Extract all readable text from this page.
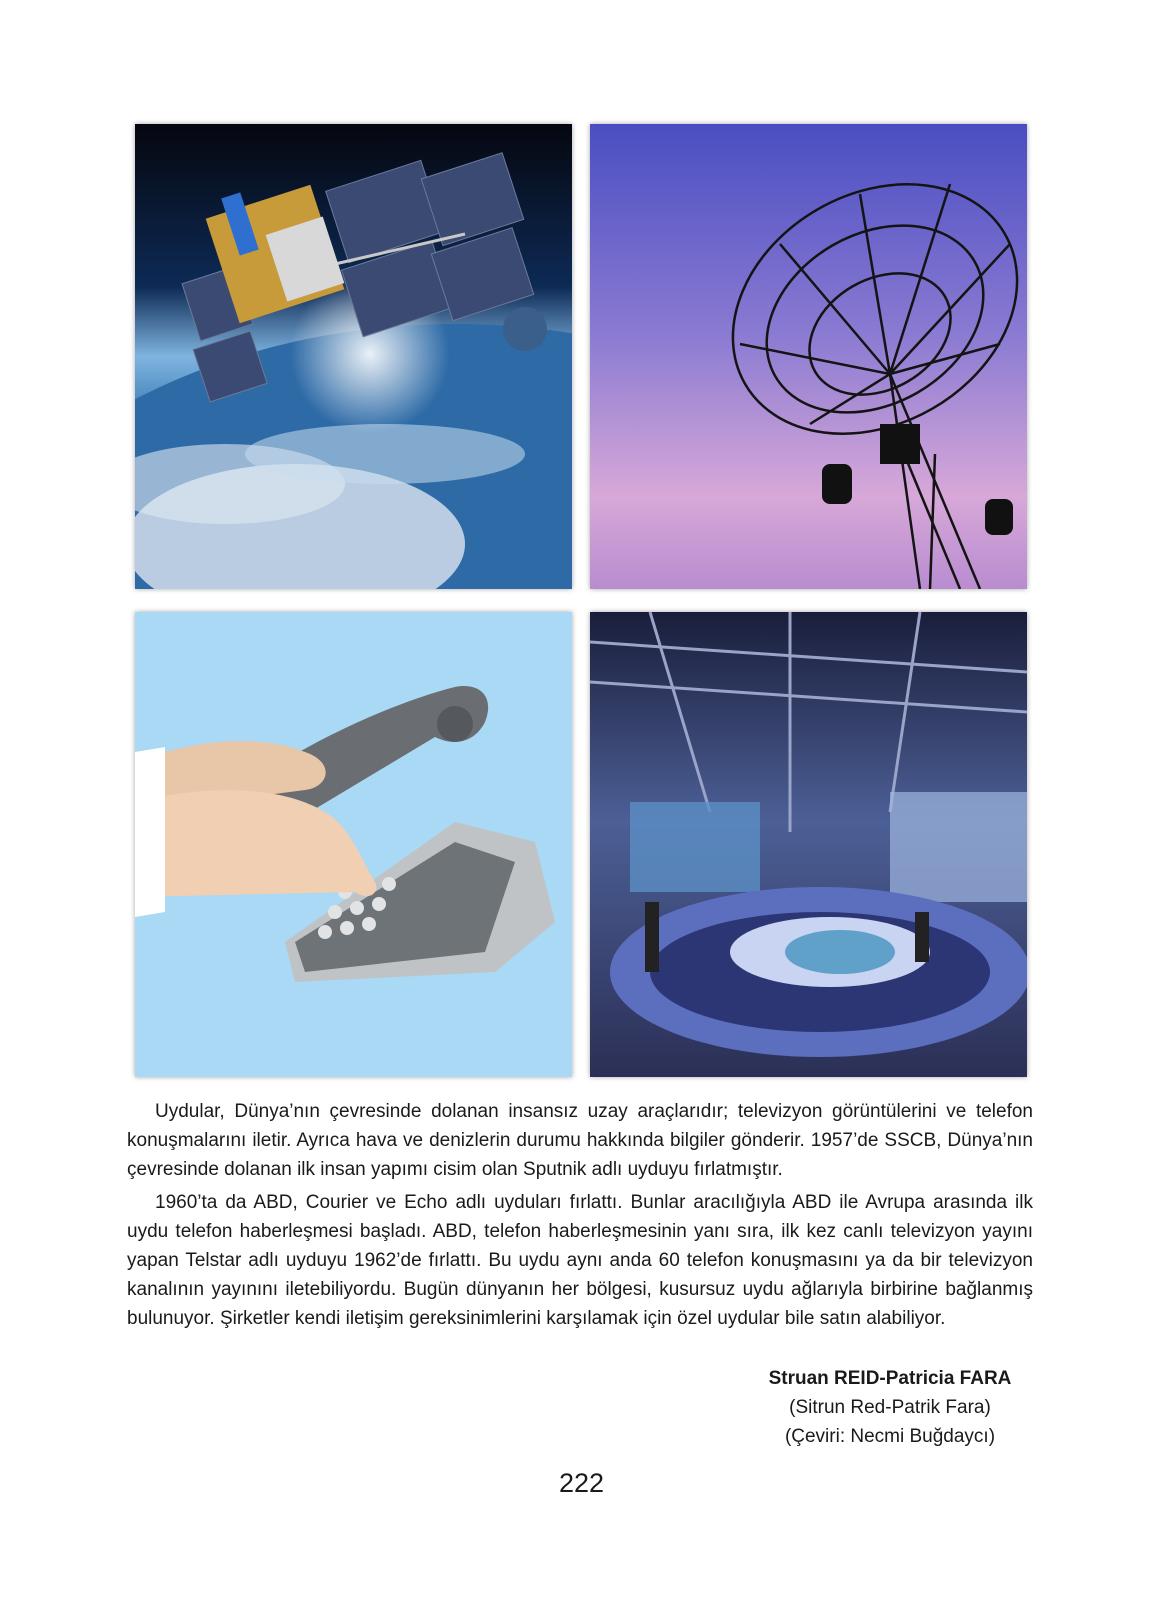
Uydular, Dünya’nın çevresinde dolanan insansız uzay araçlarıdır; televizyon görüntülerini ve telefon konuşmalarını iletir. Ayrıca hava ve denizlerin durumu hakkında bilgiler gönderir. 1957’de SSCB, Dünya’nın çevresinde dolanan ilk insan yapımı cisim olan Sputnik adlı uyduyu fırlatmıştır.

1960’ta da ABD, Courier ve Echo adlı uyduları fırlattı. Bunlar aracılığıyla ABD ile Avrupa arasında ilk uydu telefon haberleşmesi başladı. ABD, telefon haberleşmesinin yanı sıra, ilk kez canlı televizyon yayını yapan Telstar adlı uyduyu 1962’de fırlattı. Bu uydu aynı anda 60 telefon konuşmasını ya da bir televizyon kanalının yayınını iletebiliyordu. Bugün dünyanın her bölgesi, kusursuz uydu ağlarıyla birbirine bağlanmış bulunuyor. Şirketler kendi iletişim gereksinimlerini karşılamak için özel uydular bile satın alabiliyor.

Struan REID-Patricia FARA
(Sitrun Red-Patrik Fara)
(Çeviri: Necmi Buğdaycı)
222
